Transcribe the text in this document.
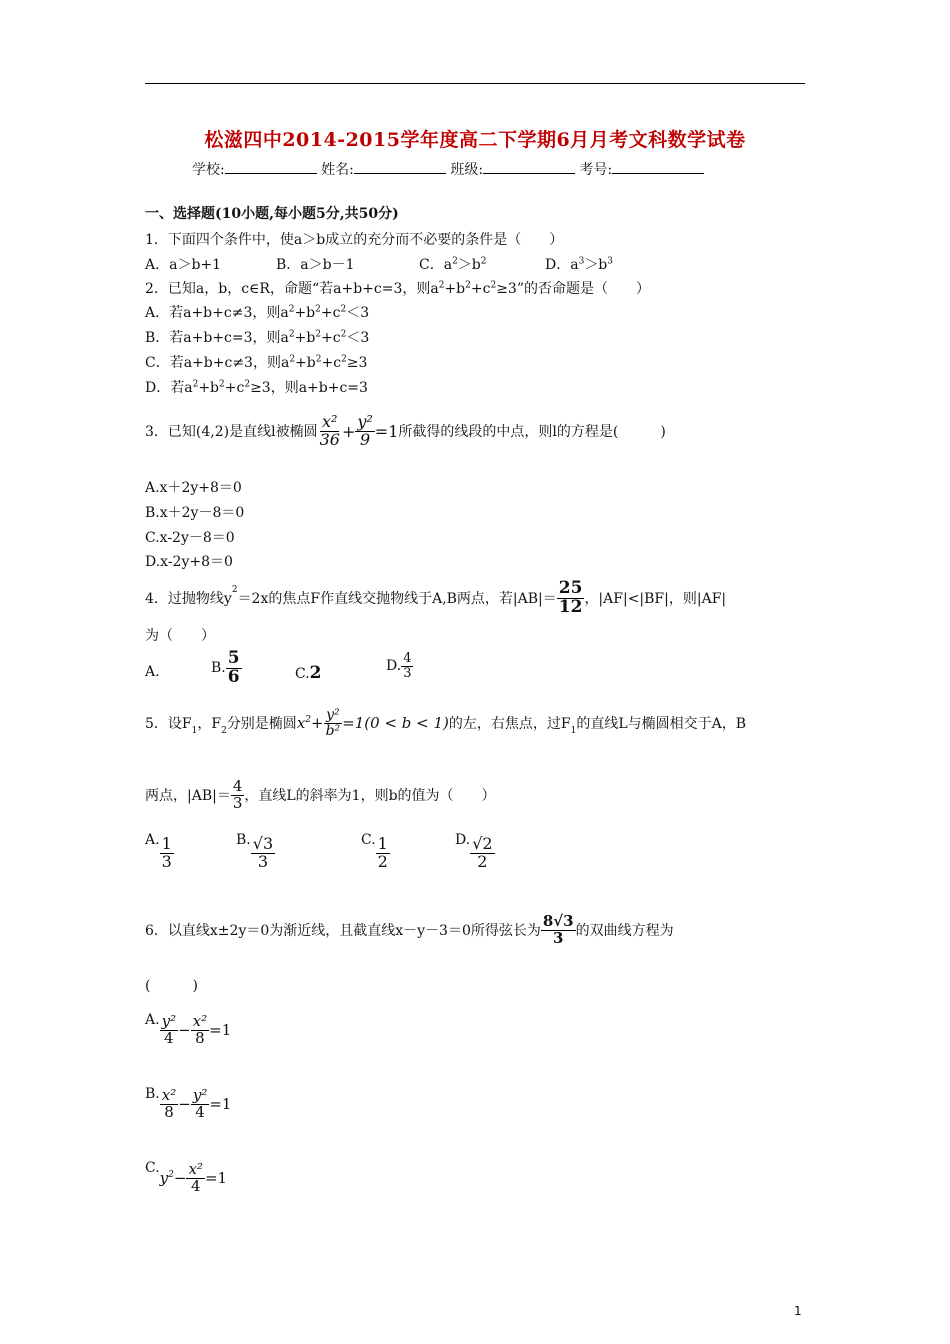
松滋四中2014-2015学年度高二下学期6月月考文科数学试卷
学校:	姓名:	班级:	考号:
一、选择题(10小题,每小题5分,共50分)
1．下面四个条件中，使a＞b成立的充分而不必要的条件是（　　）
A．a＞b+1	B．a＞b－1	C．$a^2>b^2$	D．$a^3>b^3$
2．已知a，b，c∈R，命题“若a+b+c=3，则$a^2+b^2+c^2\ge 3$”的否命题是（　　）
A．若a+b+c≠3，则$a^2+b^2+c^2<3$
B．若a+b+c=3，则$a^2+b^2+c^2<3$
C．若a+b+c≠3，则$a^2+b^2+c^2\ge 3$
D．若$a^2+b^2+c^2\ge 3$，则a+b+c=3
3．已知(4,2)是直线l被椭圆 $\frac{\text{x²}}{36} + \frac{\text{y²}}{9} =1$ 所截得的线段的中点，则l的方程是(　　　)
A.x＋2y+8＝0
B.x＋2y－8＝0
C.x-2y－8＝0
D.x-2y+8＝0
4．过抛物线y
2
＝2x的焦点F作直线交抛物线于A,B两点，若$|AB|= \frac{25}{12}$ ，|AF|<|BF|，则|AF|
为（　　）
A.	B. $\frac{5}{6}$	C.2	D. $\frac{4}{3}$
5．设F 1 ，F 2 分别是椭圆 $x^2+ \frac{\text{y²}}{\text{b²}} =1(0 < b < 1)$ 的左，右焦点，过F 1 的直线L与椭圆相交于A，B
两点，$|AB|= \frac{4}{3}$ ，直线L的斜率为1，则b的值为（　　）
A. $\frac{1}{3}$	B. $\frac{√3}{3}$	C. $\frac{1}{2}$	D. $\frac{√2}{2}$
6．以直线x±2y＝0为渐近线，且截直线x－y－3＝0所得弦长为 $\frac{8√3}{3}$ 的双曲线方程为
(　　　)
A. $\frac{\text{y²}}{4} - \frac{\text{x²}}{8} =1$
B. $\frac{\text{x²}}{8} - \frac{\text{y²}}{4} =1$
C.
$y^2 - \frac{\text{x²}}{4} =1$
1
